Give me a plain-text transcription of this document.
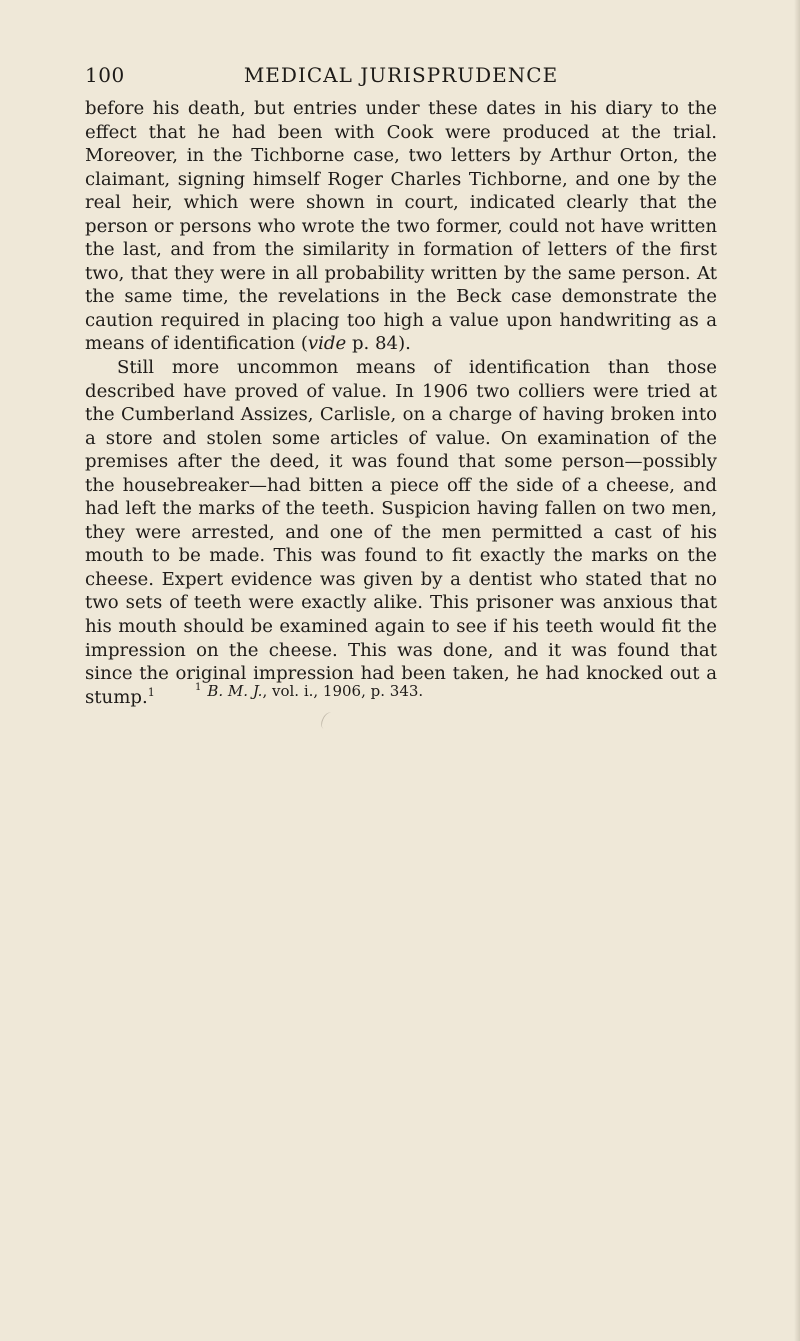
100	MEDICAL JURISPRUDENCE

before his death, but entries under these dates in his diary to the effect that he had been with Cook were produced at the trial. Moreover, in the Tichborne case, two letters by Arthur Orton, the claimant, signing himself Roger Charles Tichborne, and one by the real heir, which were shown in court, indicated clearly that the person or persons who wrote the two former, could not have written the last, and from the similarity in formation of letters of the first two, that they were in all probability written by the same person. At the same time, the revelations in the Beck case demonstrate the caution required in placing too high a value upon handwriting as a means of identification (vide p. 84).

Still more uncommon means of identification than those described have proved of value. In 1906 two colliers were tried at the Cumberland Assizes, Carlisle, on a charge of having broken into a store and stolen some articles of value. On examination of the premises after the deed, it was found that some person—possibly the housebreaker—had bitten a piece off the side of a cheese, and had left the marks of the teeth. Suspicion having fallen on two men, they were arrested, and one of the men permitted a cast of his mouth to be made. This was found to fit exactly the marks on the cheese. Expert evidence was given by a dentist who stated that no two sets of teeth were exactly alike. This prisoner was anxious that his mouth should be examined again to see if his teeth would fit the impression on the cheese. This was done, and it was found that since the original impression had been taken, he had knocked out a stump.$^1$	$^1$ B. M. J., vol. i., 1906, p. 343.
